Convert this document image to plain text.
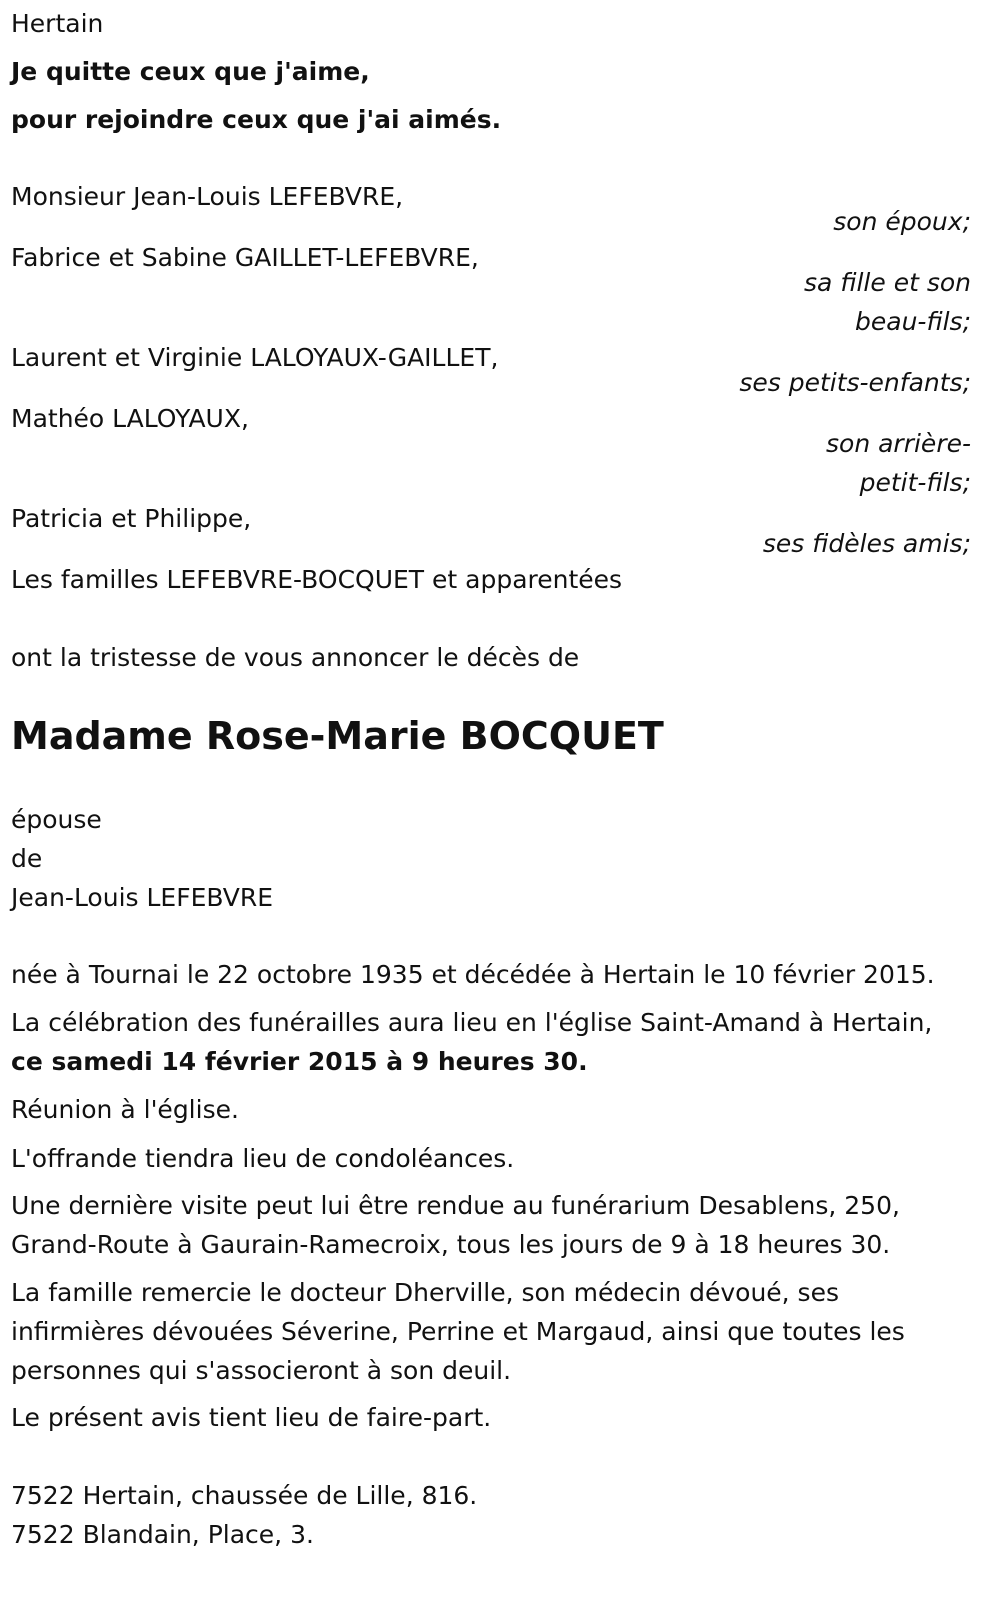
Hertain
Je quitte ceux que j'aime,
pour rejoindre ceux que j'ai aimés.
Monsieur Jean-Louis LEFEBVRE,
son époux;
Fabrice et Sabine GAILLET-LEFEBVRE,
sa fille et son
beau-fils;
Laurent et Virginie LALOYAUX-GAILLET,
ses petits-enfants;
Mathéo LALOYAUX,
son arrière-
petit-fils;
Patricia et Philippe,
ses fidèles amis;
Les familles LEFEBVRE-BOCQUET et apparentées
ont la tristesse de vous annoncer le décès de
Madame Rose-Marie BOCQUET
épouse
de
Jean-Louis LEFEBVRE
née à Tournai le 22 octobre 1935 et décédée à Hertain le 10 février 2015.
La célébration des funérailles aura lieu en l'église Saint-Amand à Hertain,
ce samedi 14 février 2015 à 9 heures 30.
Réunion à l'église.
L'offrande tiendra lieu de condoléances.
Une dernière visite peut lui être rendue au funérarium Desablens, 250,
Grand-Route à Gaurain-Ramecroix, tous les jours de 9 à 18 heures 30.
La famille remercie le docteur Dherville, son médecin dévoué, ses
infirmières dévouées Séverine, Perrine et Margaud, ainsi que toutes les
personnes qui s'associeront à son deuil.
Le présent avis tient lieu de faire-part.
7522 Hertain, chaussée de Lille, 816.
7522 Blandain, Place, 3.
